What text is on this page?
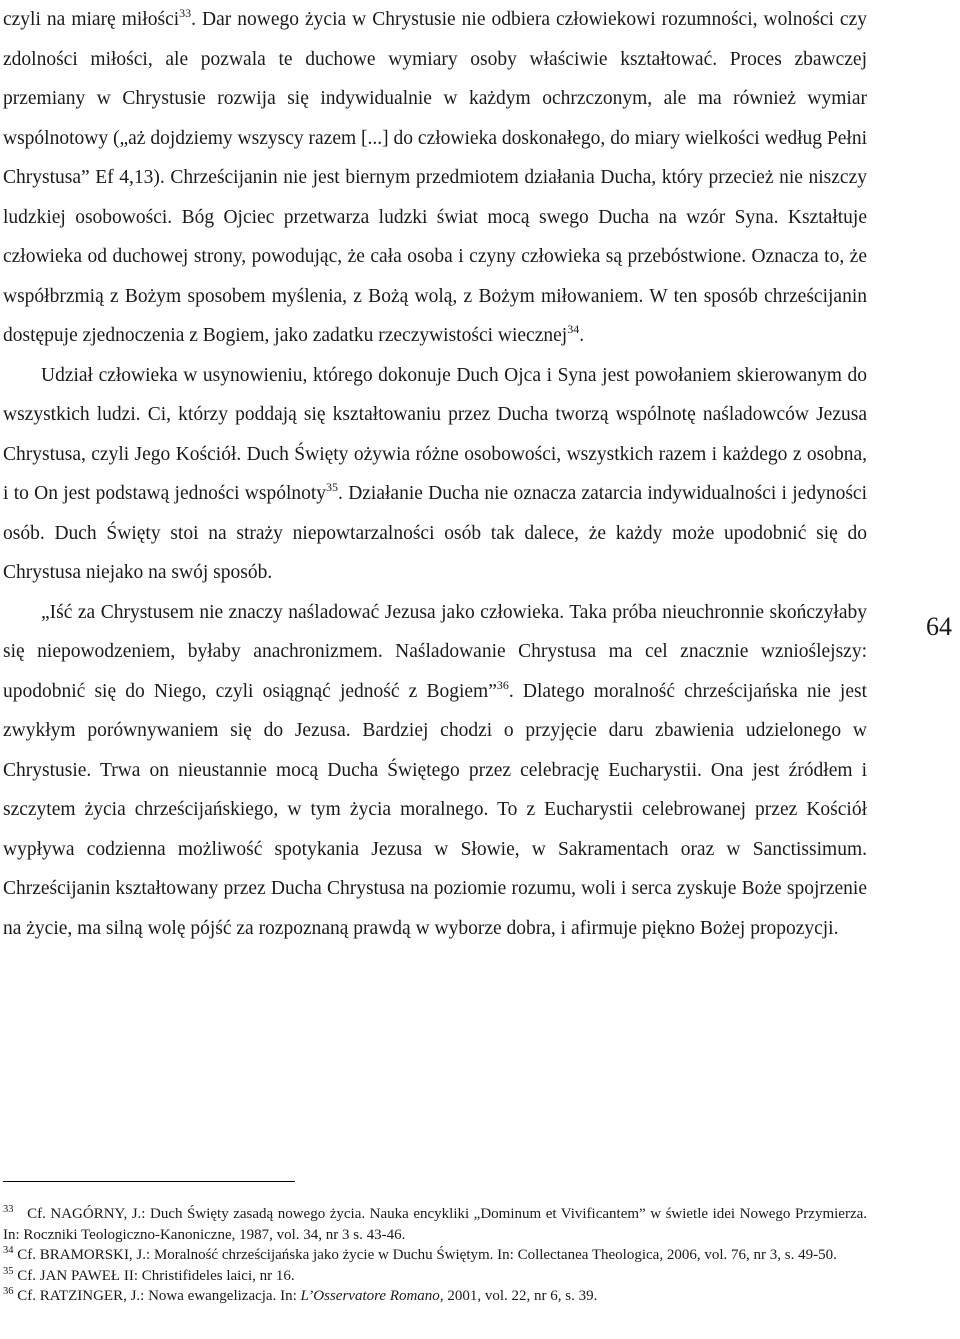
czyli na miarę miłości$^{33}$. Dar nowego życia w Chrystusie nie odbiera człowiekowi rozumności, wolności czy zdolności miłości, ale pozwala te duchowe wymiary osoby właściwie kształtować. Proces zbawczej przemiany w Chrystusie rozwija się indywidualnie w każdym ochrzczonym, ale ma również wymiar wspólnotowy („aż dojdziemy wszyscy razem [...] do człowieka doskonałego, do miary wielkości według Pełni Chrystusa” Ef 4,13). Chrześcijanin nie jest biernym przedmiotem działania Ducha, który przecież nie niszczy ludzkiej osobowości. Bóg Ojciec przetwarza ludzki świat mocą swego Ducha na wzór Syna. Kształtuje człowieka od duchowej strony, powodując, że cała osoba i czyny człowieka są przebóstwione. Oznacza to, że współbrzmią z Bożym sposobem myślenia, z Bożą wolą, z Bożym miłowaniem. W ten sposób chrześcijanin dostępuje zjednoczenia z Bogiem, jako zadatku rzeczywistości wiecznej$^{34}$.

Udział człowieka w usynowieniu, którego dokonuje Duch Ojca i Syna jest powołaniem skierowanym do wszystkich ludzi. Ci, którzy poddają się kształtowaniu przez Ducha tworzą wspólnotę naśladowców Jezusa Chrystusa, czyli Jego Kościół. Duch Święty ożywia różne osobowości, wszystkich razem i każdego z osobna, i to On jest podstawą jedności wspólnoty$^{35}$. Działanie Ducha nie oznacza zatarcia indywidualności i jedyności osób. Duch Święty stoi na straży niepowtarzalności osób tak dalece, że każdy może upodobnić się do Chrystusa niejako na swój sposób.

„Iść za Chrystusem nie znaczy naśladować Jezusa jako człowieka. Taka próba nieuchronnie skończyłaby się niepowodzeniem, byłaby anachronizmem. Naśladowanie Chrystusa ma cel znacznie wznioślejszy: upodobnić się do Niego, czyli osiągnąć jedność z Bogiem”$^{36}$. Dlatego moralność chrześcijańska nie jest zwykłym porównywaniem się do Jezusa. Bardziej chodzi o przyjęcie daru zbawienia udzielonego w Chrystusie. Trwa on nieustannie mocą Ducha Świętego przez celebrację Eucharystii. Ona jest źródłem i szczytem życia chrześcijańskiego, w tym życia moralnego. To z Eucharystii celebrowanej przez Kościół wypływa codzienna możliwość spotykania Jezusa w Słowie, w Sakramentach oraz w Sanctissimum. Chrześcijanin kształtowany przez Ducha Chrystusa na poziomie rozumu, woli i serca zyskuje Boże spojrzenie na życie, ma silną wolę pójść za rozpoznaną prawdą w wyborze dobra, i afirmuje piękno Bożej propozycji.

64

$^{33}$ Cf. NAGÓRNY, J.: Duch Święty zasadą nowego życia. Nauka encykliki „Dominum et Vivificantem” w świetle idei Nowego Przymierza. In: Roczniki Teologiczno-Kanoniczne, 1987, vol. 34, nr 3 s. 43-46.

$^{34}$ Cf. BRAMORSKI, J.: Moralność chrześcijańska jako życie w Duchu Świętym. In: Collectanea Theologica, 2006, vol. 76, nr 3, s. 49-50.

$^{35}$ Cf. JAN PAWEŁ II: Christifideles laici, nr 16.

$^{36}$ Cf. RATZINGER, J.: Nowa ewangelizacja. In: L’Osservatore Romano, 2001, vol. 22, nr 6, s. 39.
